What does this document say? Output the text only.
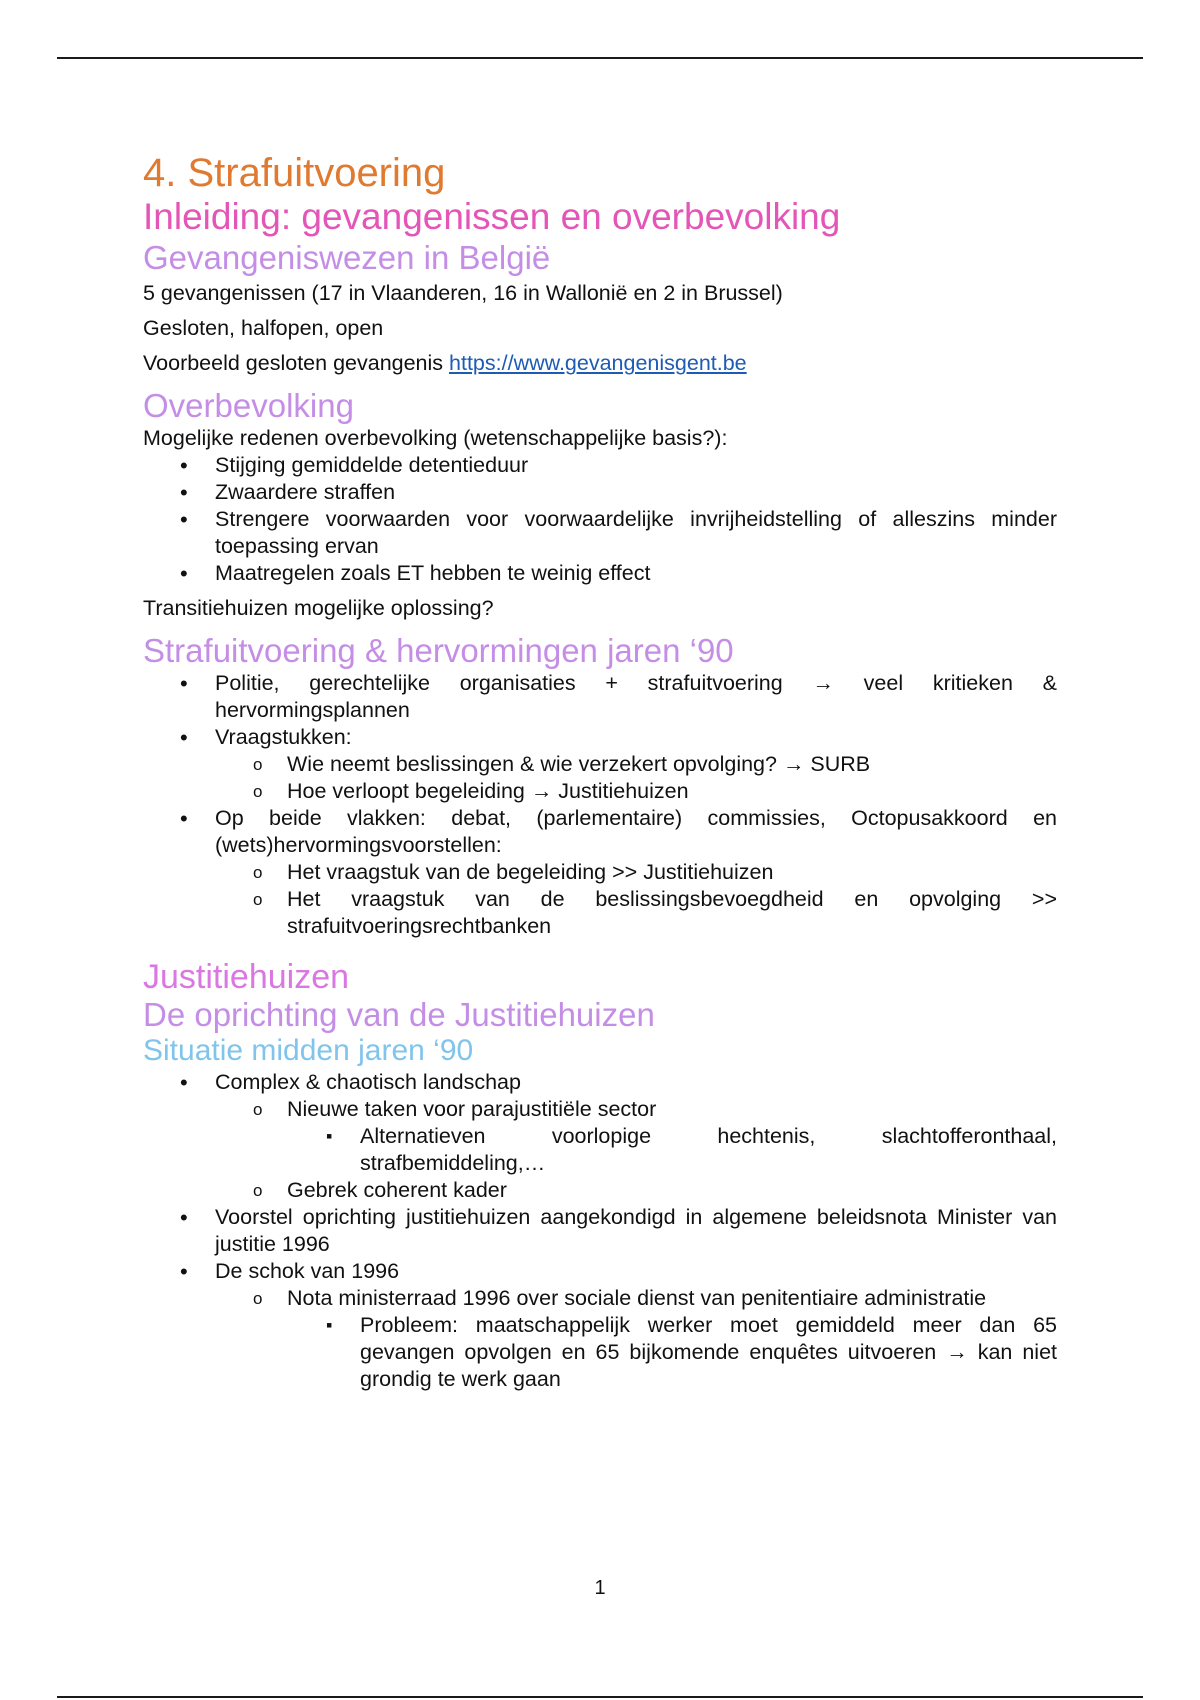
4. Strafuitvoering
Inleiding: gevangenissen en overbevolking
Gevangeniswezen in België

5 gevangenissen (17 in Vlaanderen, 16 in Wallonië en 2 in Brussel)

Gesloten, halfopen, open

Voorbeeld gesloten gevangenis https://www.gevangenisgent.be

Overbevolking

Mogelijke redenen overbevolking (wetenschappelijke basis?):

• Stijging gemiddelde detentieduur
• Zwaardere straffen
• Strengere voorwaarden voor voorwaardelijke invrijheidstelling of alleszins minder toepassing ervan
• Maatregelen zoals ET hebben te weinig effect

Transitiehuizen mogelijke oplossing?

Strafuitvoering & hervormingen jaren ‘90
• Politie, gerechtelijke organisaties + strafuitvoering → veel kritieken & hervormingsplannen
• Vraagstukken:
o Wie neemt beslissingen & wie verzekert opvolging? → SURB
o Hoe verloopt begeleiding → Justitiehuizen
• Op beide vlakken: debat, (parlementaire) commissies, Octopusakkoord en (wets)hervormingsvoorstellen:
o Het vraagstuk van de begeleiding >> Justitiehuizen
o Het vraagstuk van de beslissingsbevoegdheid en opvolging >> strafuitvoeringsrechtbanken
Justitiehuizen
De oprichting van de Justitiehuizen
Situatie midden jaren ‘90
• Complex & chaotisch landschap
o Nieuwe taken voor parajustitiële sector
▪ Alternatieven voorlopige hechtenis, slachtofferonthaal, strafbemiddeling,…
o Gebrek coherent kader
• Voorstel oprichting justitiehuizen aangekondigd in algemene beleidsnota Minister van justitie 1996
• De schok van 1996
o Nota ministerraad 1996 over sociale dienst van penitentiaire administratie
▪ Probleem: maatschappelijk werker moet gemiddeld meer dan 65 gevangen opvolgen en 65 bijkomende enquêtes uitvoeren → kan niet grondig te werk gaan
1
